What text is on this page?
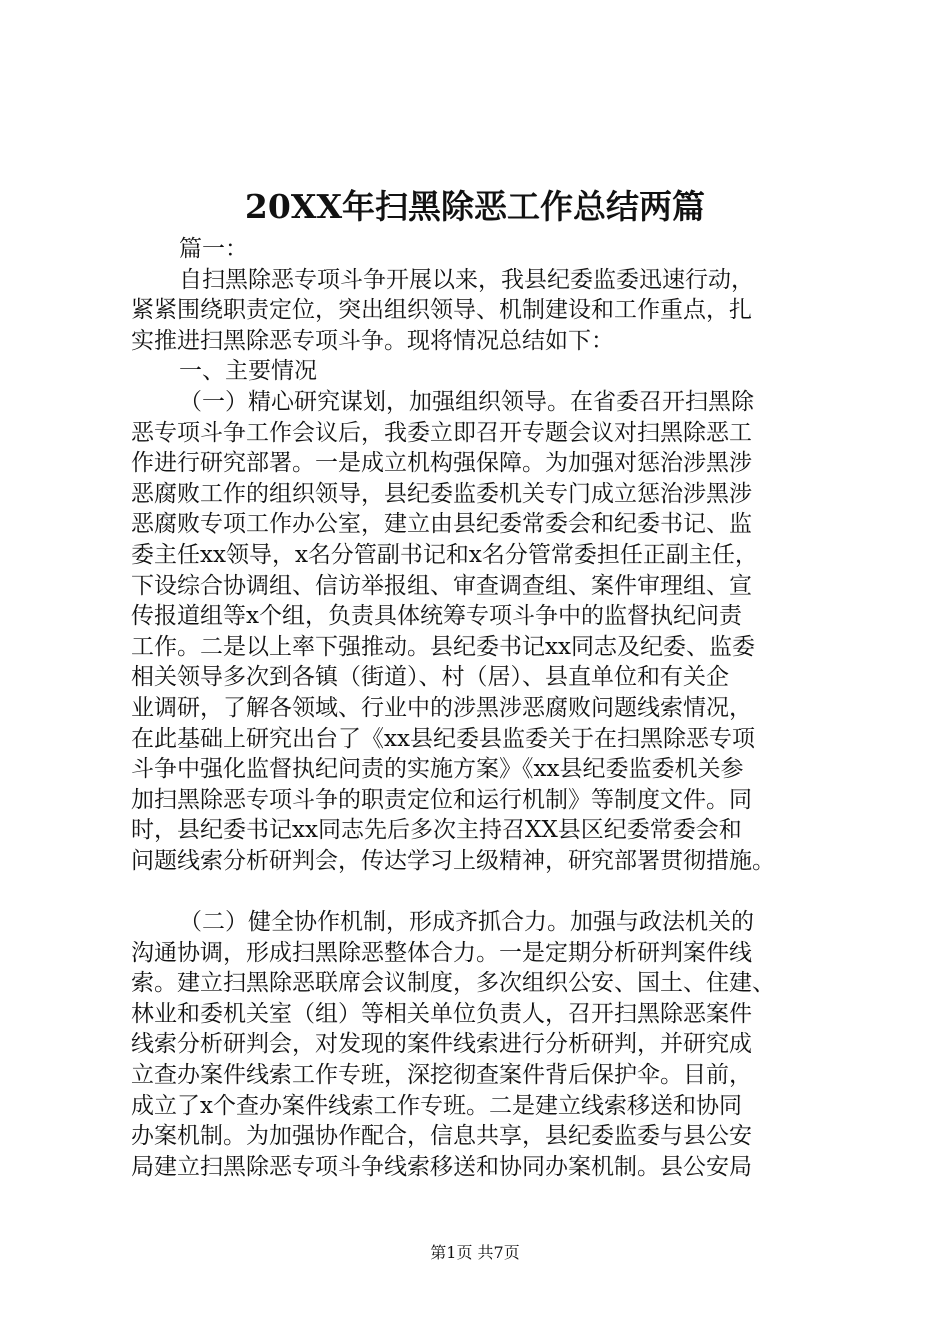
20XX年扫黑除恶工作总结两篇
篇一：
自扫黑除恶专项斗争开展以来，我县纪委监委迅速行动，
紧紧围绕职责定位，突出组织领导、机制建设和工作重点，扎
实推进扫黑除恶专项斗争。现将情况总结如下：
一、主要情况
（一）精心研究谋划，加强组织领导。在省委召开扫黑除
恶专项斗争工作会议后，我委立即召开专题会议对扫黑除恶工
作进行研究部署。一是成立机构强保障。为加强对惩治涉黑涉
恶腐败工作的组织领导，县纪委监委机关专门成立惩治涉黑涉
恶腐败专项工作办公室，建立由县纪委常委会和纪委书记、监
委主任xx领导，x名分管副书记和x名分管常委担任正副主任，
下设综合协调组、信访举报组、审查调查组、案件审理组、宣
传报道组等x个组，负责具体统筹专项斗争中的监督执纪问责
工作。二是以上率下强推动。县纪委书记xx同志及纪委、监委
相关领导多次到各镇（街道）、村（居）、县直单位和有关企
业调研，了解各领域、行业中的涉黑涉恶腐败问题线索情况，
在此基础上研究出台了《xx县纪委县监委关于在扫黑除恶专项
斗争中强化监督执纪问责的实施方案》《xx县纪委监委机关参
加扫黑除恶专项斗争的职责定位和运行机制》等制度文件。同
时，县纪委书记xx同志先后多次主持召XX县区纪委常委会和
问题线索分析研判会，传达学习上级精神，研究部署贯彻措施。
（二）健全协作机制，形成齐抓合力。加强与政法机关的
沟通协调，形成扫黑除恶整体合力。一是定期分析研判案件线
索。建立扫黑除恶联席会议制度，多次组织公安、国土、住建、
林业和委机关室（组）等相关单位负责人，召开扫黑除恶案件
线索分析研判会，对发现的案件线索进行分析研判，并研究成
立查办案件线索工作专班，深挖彻查案件背后保护伞。目前，
成立了x个查办案件线索工作专班。二是建立线索移送和协同
办案机制。为加强协作配合，信息共享，县纪委监委与县公安
局建立扫黑除恶专项斗争线索移送和协同办案机制。县公安局
第1页 共7页
